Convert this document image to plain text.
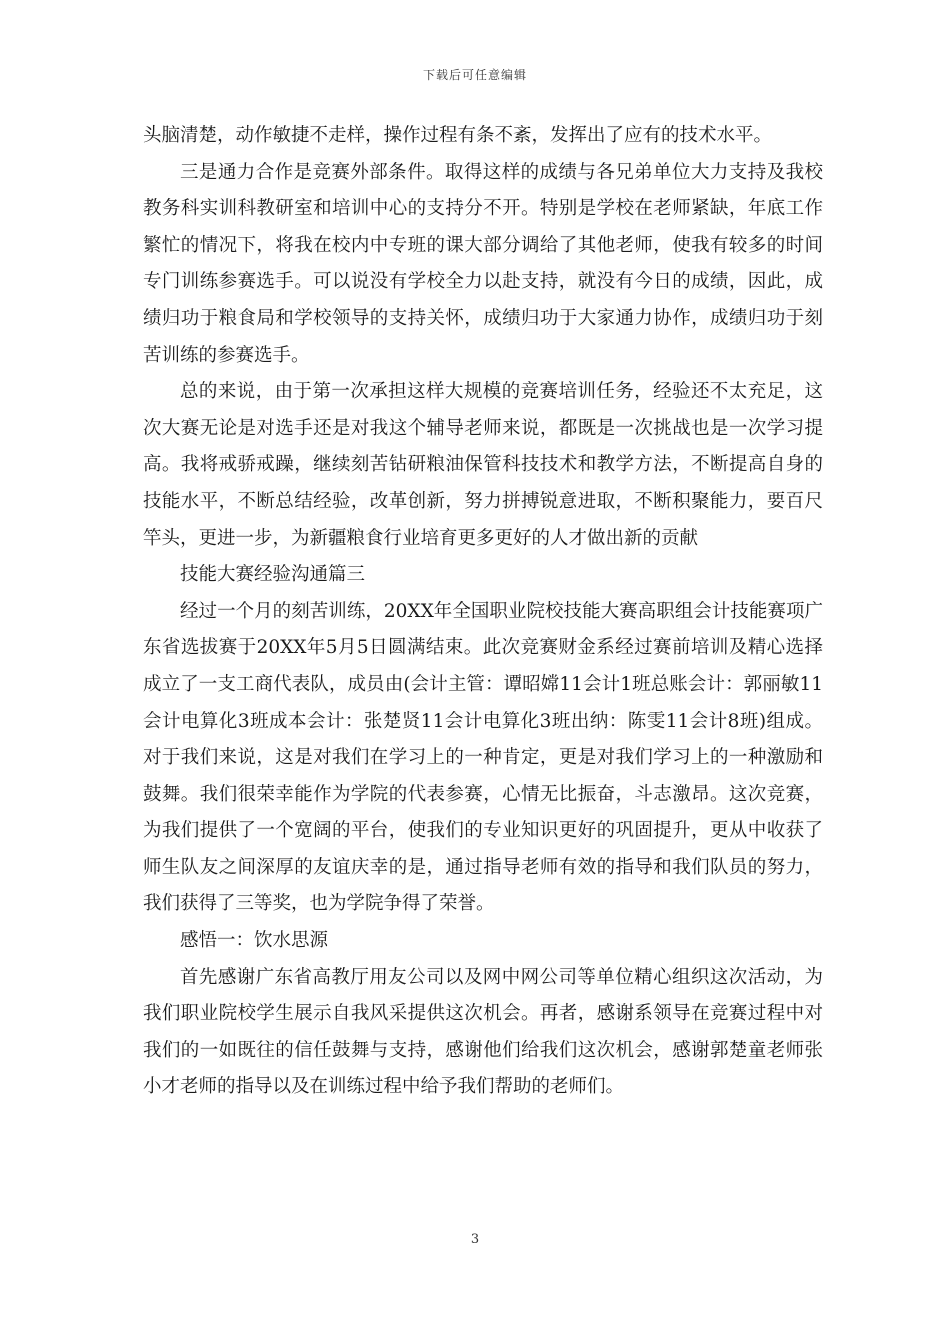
下载后可任意编辑

头脑清楚，动作敏捷不走样，操作过程有条不紊，发挥出了应有的技术水平。

三是通力合作是竞赛外部条件。取得这样的成绩与各兄弟单位大力支持及我校教务科实训科教研室和培训中心的支持分不开。特别是学校在老师紧缺，年底工作繁忙的情况下，将我在校内中专班的课大部分调给了其他老师，使我有较多的时间专门训练参赛选手。可以说没有学校全力以赴支持，就没有今日的成绩，因此，成绩归功于粮食局和学校领导的支持关怀，成绩归功于大家通力协作，成绩归功于刻苦训练的参赛选手。

总的来说，由于第一次承担这样大规模的竞赛培训任务，经验还不太充足，这次大赛无论是对选手还是对我这个辅导老师来说，都既是一次挑战也是一次学习提高。我将戒骄戒躁，继续刻苦钻研粮油保管科技技术和教学方法，不断提高自身的技能水平，不断总结经验，改革创新，努力拼搏锐意进取，不断积聚能力，要百尺竿头，更进一步，为新疆粮食行业培育更多更好的人才做出新的贡献

技能大赛经验沟通篇三

经过一个月的刻苦训练，20XX年全国职业院校技能大赛高职组会计技能赛项广东省选拔赛于20XX年5月5日圆满结束。此次竞赛财金系经过赛前培训及精心选择成立了一支工商代表队，成员由(会计主管：谭昭嫦11会计1班总账会计：郭丽敏11会计电算化3班成本会计：张楚贤11会计电算化3班出纳：陈雯11会计8班)组成。对于我们来说，这是对我们在学习上的一种肯定，更是对我们学习上的一种激励和鼓舞。我们很荣幸能作为学院的代表参赛，心情无比振奋，斗志激昂。这次竞赛，为我们提供了一个宽阔的平台，使我们的专业知识更好的巩固提升，更从中收获了师生队友之间深厚的友谊庆幸的是，通过指导老师有效的指导和我们队员的努力，我们获得了三等奖，也为学院争得了荣誉。

感悟一：饮水思源

首先感谢广东省高教厅用友公司以及网中网公司等单位精心组织这次活动，为我们职业院校学生展示自我风采提供这次机会。再者，感谢系领导在竞赛过程中对我们的一如既往的信任鼓舞与支持，感谢他们给我们这次机会，感谢郭楚童老师张小才老师的指导以及在训练过程中给予我们帮助的老师们。

3
